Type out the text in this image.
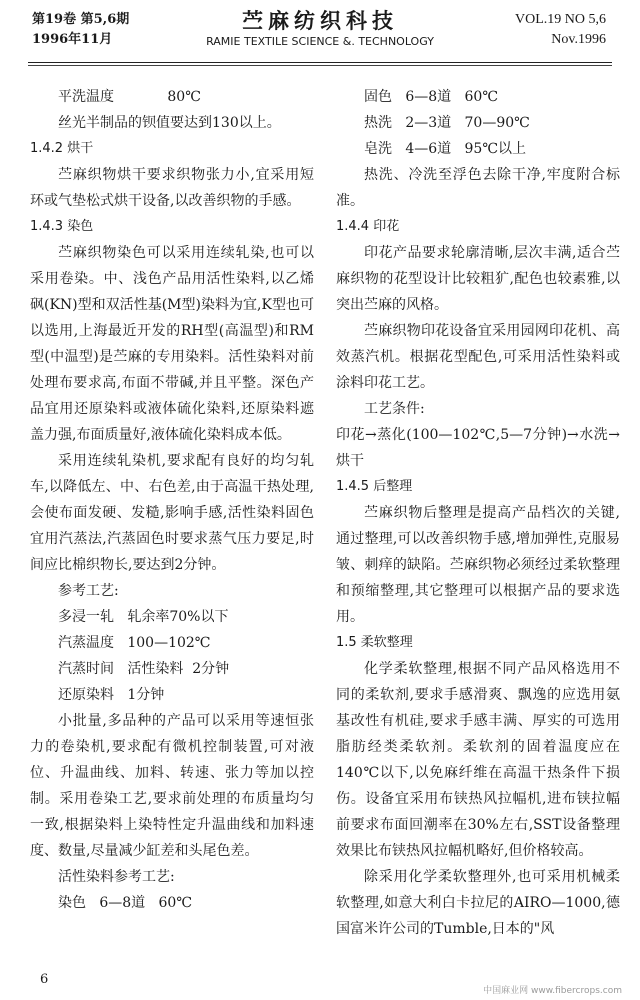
第19卷 第5,6期
1996年11月
苎麻纺织科技
RAMIE TEXTILE SCIENCE &. TECHNOLOGY
VOL.19 NO 5,6
Nov.1996

平洗温度            80℃

丝光半制品的钡值要达到130以上。

1.4.2 烘干

苎麻织物烘干要求织物张力小,宜采用短环或气垫松式烘干设备,以改善织物的手感。

1.4.3 染色

苎麻织物染色可以采用连续轧染,也可以采用卷染。中、浅色产品用活性染料,以乙烯砜(KN)型和双活性基(M型)染料为宜,K型也可以选用,上海最近开发的RH型(高温型)和RM型(中温型)是苎麻的专用染料。活性染料对前处理布要求高,布面不带碱,并且平整。深色产品宜用还原染料或液体硫化染料,还原染料遮盖力强,布面质量好,液体硫化染料成本低。

采用连续轧染机,要求配有良好的均匀轧车,以降低左、中、右色差,由于高温干热处理,会使布面发硬、发糙,影响手感,活性染料固色宜用汽蒸法,汽蒸固色时要求蒸气压力要足,时间应比棉织物长,要达到2分钟。

参考工艺:

多浸一轧   轧余率70%以下

汽蒸温度   100—102℃

汽蒸时间   活性染料  2分钟

还原染料   1分钟

小批量,多品种的产品可以采用等速恒张力的卷染机,要求配有微机控制装置,可对液位、升温曲线、加料、转速、张力等加以控制。采用卷染工艺,要求前处理的布质量均匀一致,根据染料上染特性定升温曲线和加料速度、数量,尽量减少缸差和头尾色差。

活性染料参考工艺:

染色   6—8道   60℃

固色   6—8道   60℃

热洗   2—3道   70—90℃

皂洗   4—6道   95℃以上

热洗、冷洗至浮色去除干净,牢度附合标准。

1.4.4 印花

印花产品要求轮廓清晰,层次丰满,适合苎麻织物的花型设计比较粗犷,配色也较素雅,以突出苎麻的风格。

苎麻织物印花设备宜采用园网印花机、高效蒸汽机。根据花型配色,可采用活性染料或涂料印花工艺。

工艺条件:

印花→蒸化(100—102℃,5—7分钟)→水洗→烘干

1.4.5 后整理

苎麻织物后整理是提高产品档次的关键,通过整理,可以改善织物手感,增加弹性,克服易皱、刺痒的缺陷。苎麻织物必须经过柔软整理和预缩整理,其它整理可以根据产品的要求选用。

1.5 柔软整理

化学柔软整理,根据不同产品风格选用不同的柔软剂,要求手感滑爽、飘逸的应选用氨基改性有机硅,要求手感丰满、厚实的可选用脂肪经类柔软剂。柔软剂的固着温度应在140℃以下,以免麻纤维在高温干热条件下损伤。设备宜采用布铗热风拉幅机,进布铗拉幅前要求布面回潮率在30%左右,SST设备整理效果比布铗热风拉幅机略好,但价格较高。

除采用化学柔软整理外,也可采用机械柔软整理,如意大利白卡拉尼的AIRO—1000,德国富米许公司的Tumble,日本的"风

6
中国麻业网 www.fibercrops.com
